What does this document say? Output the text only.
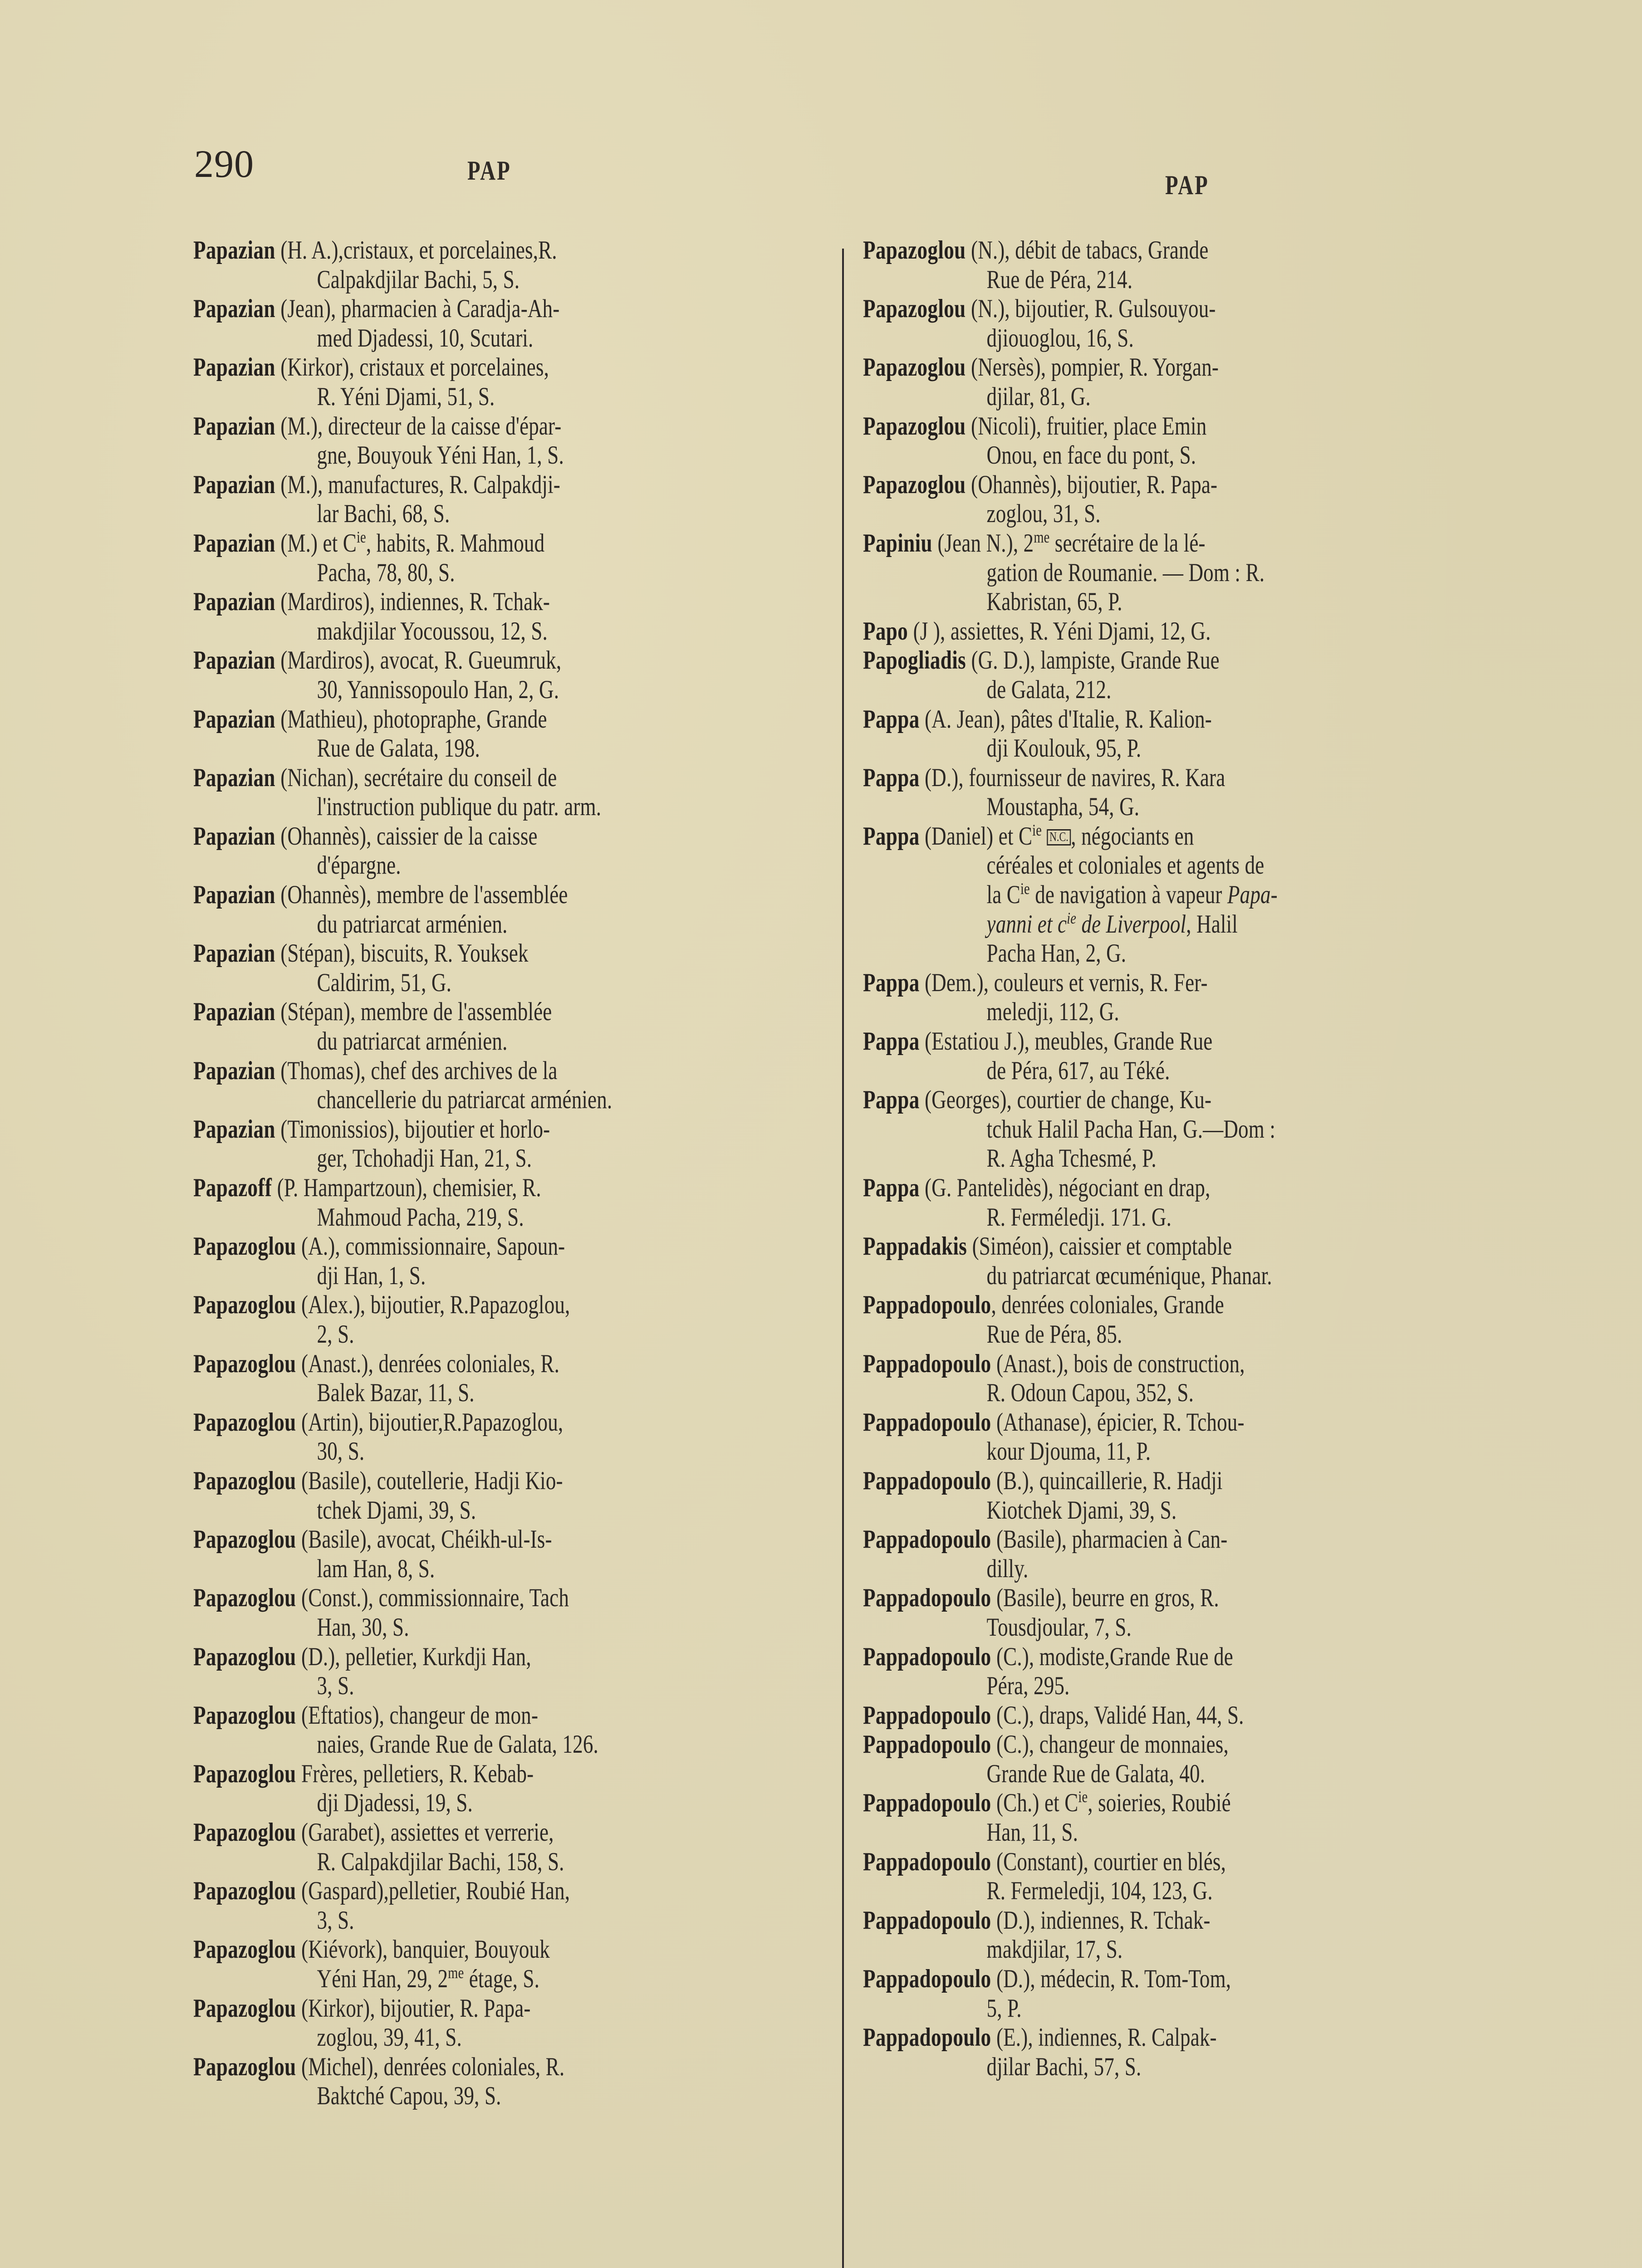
290	PAP	PAP
Papazian (H. A.),cristaux, et porcelaines,R.
Calpakdjilar Bachi, 5, S.
Papazian (Jean), pharmacien à Caradja-Ah-
med Djadessi, 10, Scutari.
Papazian (Kirkor), cristaux et porcelaines,
R. Yéni Djami, 51, S.
Papazian (M.), directeur de la caisse d'épar-
gne, Bouyouk Yéni Han, 1, S.
Papazian (M.), manufactures, R. Calpakdji-
lar Bachi, 68, S.
Papazian (M.) et $C^{ie}$, habits, R. Mahmoud
Pacha, 78, 80, S.
Papazian (Mardiros), indiennes, R. Tchak-
makdjilar Yocoussou, 12, S.
Papazian (Mardiros), avocat, R. Gueumruk,
30, Yannissopoulo Han, 2, G.
Papazian (Mathieu), photopraphe, Grande
Rue de Galata, 198.
Papazian (Nichan), secrétaire du conseil de
l'instruction publique du patr. arm.
Papazian (Ohannès), caissier de la caisse
d'épargne.
Papazian (Ohannès), membre de l'assemblée
du patriarcat arménien.
Papazian (Stépan), biscuits, R. Youksek
Caldirim, 51, G.
Papazian (Stépan), membre de l'assemblée
du patriarcat arménien.
Papazian (Thomas), chef des archives de la
chancellerie du patriarcat arménien.
Papazian (Timonissios), bijoutier et horlo-
ger, Tchohadji Han, 21, S.
Papazoff (P. Hampartzoun), chemisier, R.
Mahmoud Pacha, 219, S.
Papazoglou (A.), commissionnaire, Sapoun-
dji Han, 1, S.
Papazoglou (Alex.), bijoutier, R.Papazoglou,
2, S.
Papazoglou (Anast.), denrées coloniales, R.
Balek Bazar, 11, S.
Papazoglou (Artin), bijoutier,R.Papazoglou,
30, S.
Papazoglou (Basile), coutellerie, Hadji Kio-
tchek Djami, 39, S.
Papazoglou (Basile), avocat, Chéikh-ul-Is-
lam Han, 8, S.
Papazoglou (Const.), commissionnaire, Tach
Han, 30, S.
Papazoglou (D.), pelletier, Kurkdji Han,
3, S.
Papazoglou (Eftatios), changeur de mon-
naies, Grande Rue de Galata, 126.
Papazoglou Frères, pelletiers, R. Kebab-
dji Djadessi, 19, S.
Papazoglou (Garabet), assiettes et verrerie,
R. Calpakdjilar Bachi, 158, S.
Papazoglou (Gaspard),pelletier, Roubié Han,
3, S.
Papazoglou (Kiévork), banquier, Bouyouk
Yéni Han, 29, $2^{me}$ étage, S.
Papazoglou (Kirkor), bijoutier, R. Papa-
zoglou, 39, 41, S.
Papazoglou (Michel), denrées coloniales, R.
Baktché Capou, 39, S.
Papazoglou (N.), débit de tabacs, Grande
Rue de Péra, 214.
Papazoglou (N.), bijoutier, R. Gulsouyou-
djiouoglou, 16, S.
Papazoglou (Nersès), pompier, R. Yorgan-
djilar, 81, G.
Papazoglou (Nicoli), fruitier, place Emin
Onou, en face du pont, S.
Papazoglou (Ohannès), bijoutier, R. Papa-
zoglou, 31, S.
Papiniu (Jean N.), $2^{me}$ secrétaire de la lé-
gation de Roumanie. — Dom : R.
Kabristan, 65, P.
Papo (J ), assiettes, R. Yéni Djami, 12, G.
Papogliadis (G. D.), lampiste, Grande Rue
de Galata, 212.
Pappa (A. Jean), pâtes d'Italie, R. Kalion-
dji Koulouk, 95, P.
Pappa (D.), fournisseur de navires, R. Kara
Moustapha, 54, G.
Pappa (Daniel) et $C^{ie}$ N.C., négociants en
céréales et coloniales et agents de
la $C^{ie}$ de navigation à vapeur Papa-
yanni et $c^{ie}$ de Liverpool, Halil
Pacha Han, 2, G.
Pappa (Dem.), couleurs et vernis, R. Fer-
meledji, 112, G.
Pappa (Estatiou J.), meubles, Grande Rue
de Péra, 617, au Téké.
Pappa (Georges), courtier de change, Ku-
tchuk Halil Pacha Han, G.—Dom :
R. Agha Tchesmé, P.
Pappa (G. Pantelidès), négociant en drap,
R. Ferméledji. 171. G.
Pappadakis (Siméon), caissier et comptable
du patriarcat œcuménique, Phanar.
Pappadopoulo, denrées coloniales, Grande
Rue de Péra, 85.
Pappadopoulo (Anast.), bois de construction,
R. Odoun Capou, 352, S.
Pappadopoulo (Athanase), épicier, R. Tchou-
kour Djouma, 11, P.
Pappadopoulo (B.), quincaillerie, R. Hadji
Kiotchek Djami, 39, S.
Pappadopoulo (Basile), pharmacien à Can-
dilly.
Pappadopoulo (Basile), beurre en gros, R.
Tousdjoular, 7, S.
Pappadopoulo (C.), modiste,Grande Rue de
Péra, 295.
Pappadopoulo (C.), draps, Validé Han, 44, S.
Pappadopoulo (C.), changeur de monnaies,
Grande Rue de Galata, 40.
Pappadopoulo (Ch.) et $C^{ie}$, soieries, Roubié
Han, 11, S.
Pappadopoulo (Constant), courtier en blés,
R. Fermeledji, 104, 123, G.
Pappadopoulo (D.), indiennes, R. Tchak-
makdjilar, 17, S.
Pappadopoulo (D.), médecin, R. Tom-Tom,
5, P.
Pappadopoulo (E.), indiennes, R. Calpak-
djilar Bachi, 57, S.
